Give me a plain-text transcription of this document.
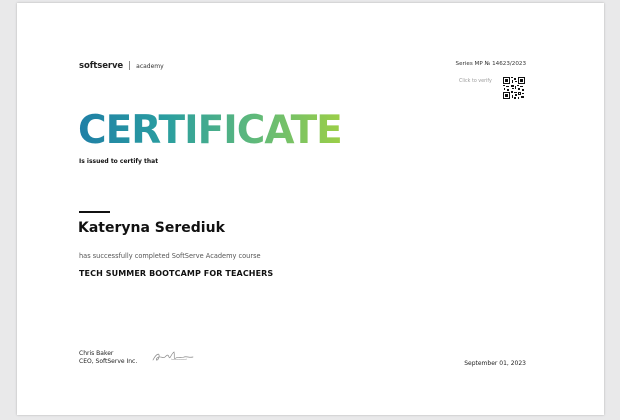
softserve | academy	Series MP № 14623/2023
Click to verify
CERTIFICATE
Is issued to certify that
Kateryna Serediuk
has successfully completed SoftServe Academy course
TECH SUMMER BOOTCAMP FOR TEACHERS
Chris Baker
CEO, SoftServe Inc.	September 01, 2023
